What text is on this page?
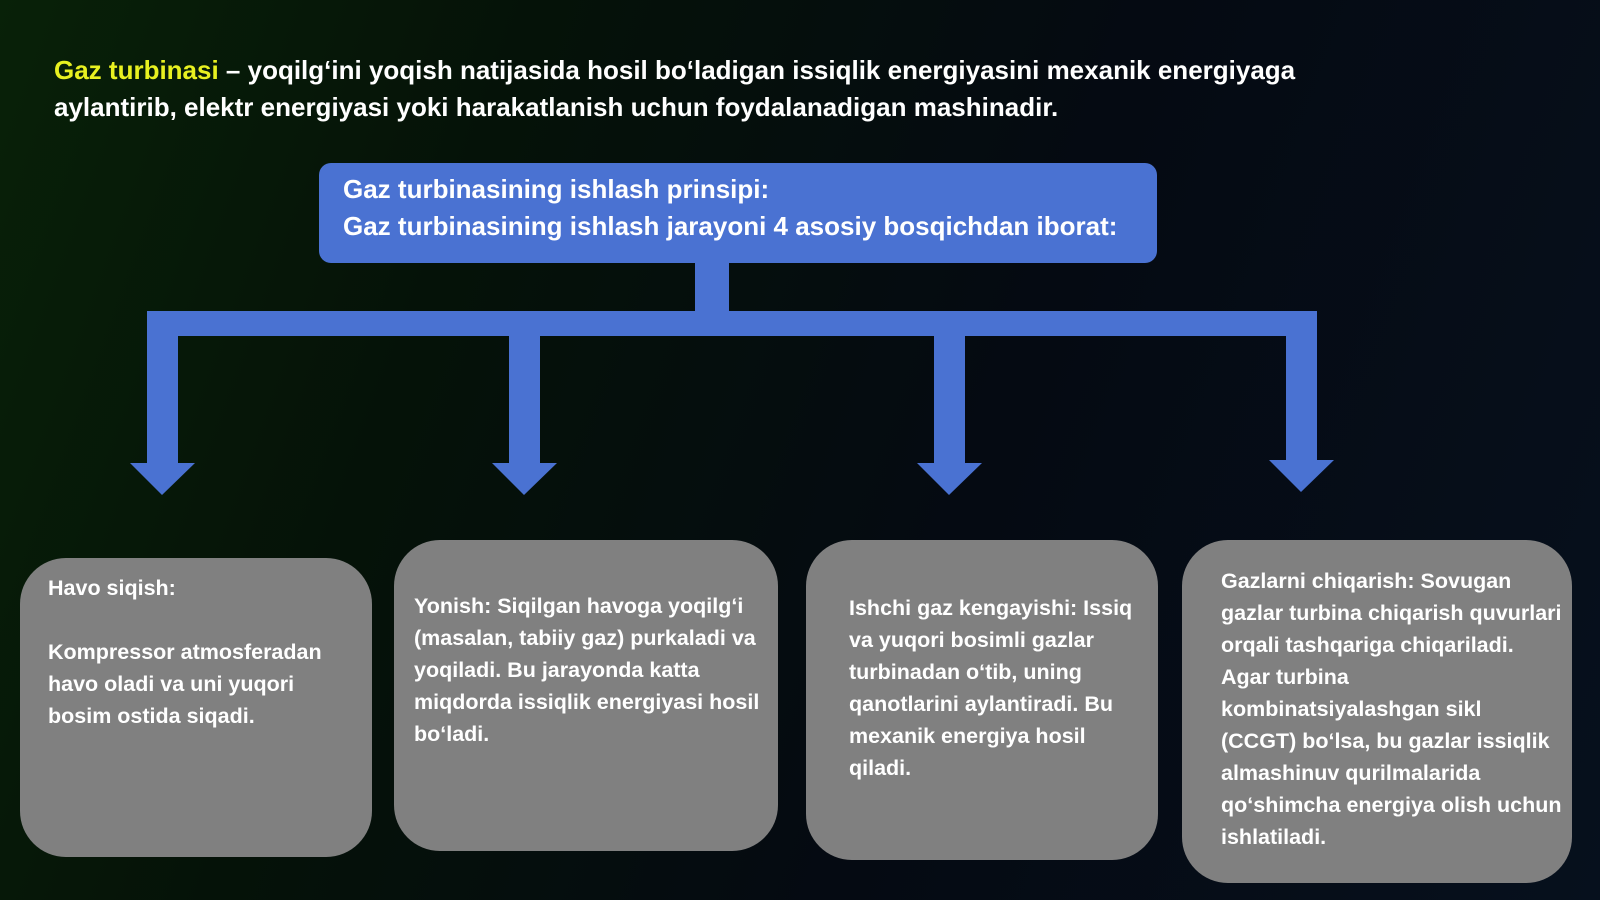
Gaz turbinasi – yoqilg‘ini yoqish natijasida hosil bo‘ladigan issiqlik energiyasini mexanik energiyaga aylantirib, elektr energiyasi yoki harakatlanish uchun foydalanadigan mashinadir.
Gaz turbinasining ishlash prinsipi:
Gaz turbinasining ishlash jarayoni 4 asosiy bosqichdan iborat:
Havo siqish:

Kompressor atmosferadan havo oladi va uni yuqori bosim ostida siqadi.
Yonish: Siqilgan havoga yoqilg‘i (masalan, tabiiy gaz) purkaladi va yoqiladi. Bu jarayonda katta miqdorda issiqlik energiyasi hosil bo‘ladi.
Ishchi gaz kengayishi: Issiq va yuqori bosimli gazlar turbinadan o‘tib, uning qanotlarini aylantiradi. Bu mexanik energiya hosil qiladi.
Gazlarni chiqarish: Sovugan gazlar turbina chiqarish quvurlari orqali tashqariga chiqariladi. Agar turbina kombinatsiyalashgan sikl (CCGT) bo‘lsa, bu gazlar issiqlik almashinuv qurilmalarida qo‘shimcha energiya olish uchun ishlatiladi.
